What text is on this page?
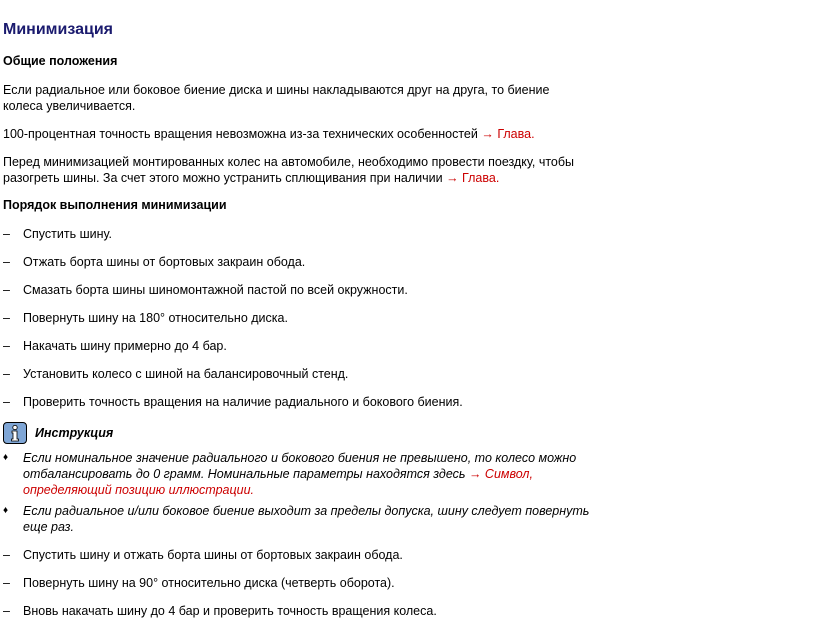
Минимизация
Общие положения

Если радиальное или боковое биение диска и шины накладываются друг на друга, то биение колеса увеличивается.

100-процентная точность вращения невозможна из-за технических особенностей → Глава.

Перед минимизацией монтированных колес на автомобиле, необходимо провести поездку, чтобы разогреть шины. За счет этого можно устранить сплющивания при наличии → Глава.

Порядок выполнения минимизации
– Спустить шину.
– Отжать борта шины от бортовых закраин обода.
– Смазать борта шины шиномонтажной пастой по всей окружности.
– Повернуть шину на 180° относительно диска.
– Накачать шину примерно до 4 бар.
– Установить колесо с шиной на балансировочный стенд.
– Проверить точность вращения на наличие радиального и бокового биения.
Инструкция
♦ Если номинальное значение радиального и бокового биения не превышено, то колесо можно отбалансировать до 0 грамм. Номинальные параметры находятся здесь → Символ, определяющий позицию иллюстрации.
♦ Если радиальное и/или боковое биение выходит за пределы допуска, шину следует повернуть еще раз.
– Спустить шину и отжать борта шины от бортовых закраин обода.
– Повернуть шину на 90° относительно диска (четверть оборота).
– Вновь накачать шину до 4 бар и проверить точность вращения колеса.
